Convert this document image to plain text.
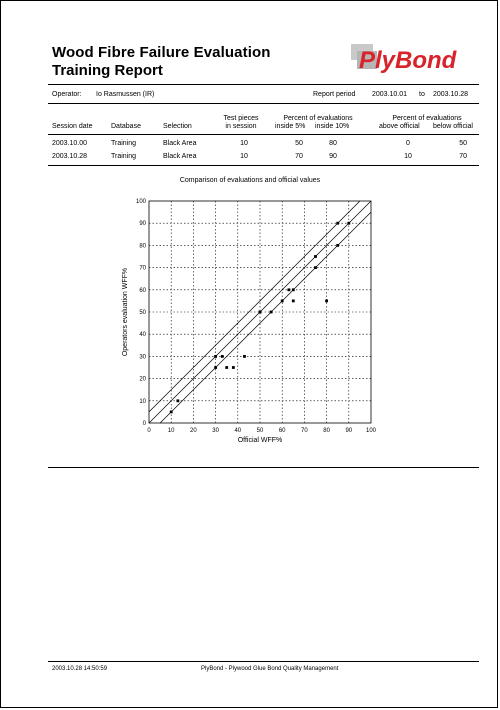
Wood Fibre Failure Evaluation
Training Report	PlyBond
Operator: Io Rasmussen (IR)	Report period 2003.10.01 to 2003.10.28
Session date	Database	Selection
Test pieces
in session
Percent of evaluations
inside 5% inside 10%
Percent of evaluations
above official below official
2003.10.00	Training	Black Area	10	50	80	0	50
2003.10.28	Training	Black Area	10	70	90	10	70
Comparison of evaluations and official values
0	10	20	30	40	50	60	70	80	90 100
0
10
20
30
40
50
60
70
80
90
100
Official WFF%
Operators evaluation WFF%
2003.10.28 14:50:59	PlyBond - Plywood Glue Bond Quality Management
